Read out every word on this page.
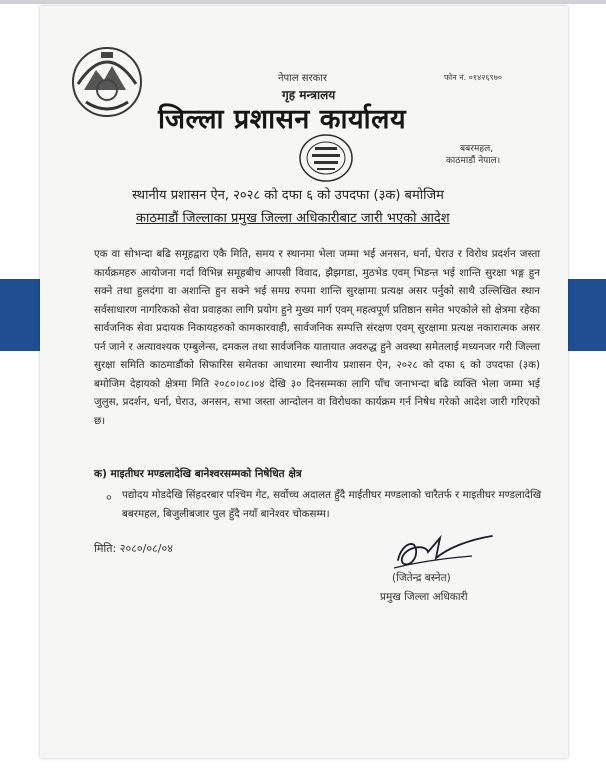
नेपाल सरकार
गृह मन्त्रालय
जिल्ला प्रशासन कार्यालय
फोन नं. ०१४२६९७०
बबरमहल,
काठमाडौं नेपाल।
स्थानीय प्रशासन ऐन, २०२८ को दफा ६ को उपदफा (३क) बमोजिम
काठमाडौं जिल्लाका प्रमुख जिल्ला अधिकारीबाट जारी भएको आदेश
एक वा सोभन्दा बढि समूहद्वारा एकै मिति, समय र स्थानमा भेला जम्मा भई अनसन, धर्ना, घेराउ र विरोध प्रदर्शन जस्ता कार्यक्रमहरु आयोजना गर्दा विभिन्न समूहबीच आपसी विवाद, झैझगडा, मुठभेड एवम् भिडन्त भई शान्ति सुरक्षा भङ्ग हुन सक्ने तथा हुलदंगा वा अशान्ति हुन सक्ने भई समग्र रुपमा शान्ति सुरक्षामा प्रत्यक्ष असर पर्नुको साथै उल्लिखित स्थान सर्वसाधारण नागरिकको सेवा प्रवाहका लागि प्रयोग हुने मुख्य मार्ग एवम् महत्वपूर्ण प्रतिष्ठान समेत भएकोले सो क्षेत्रमा रहेका सार्वजनिक सेवा प्रदायक निकायहरुको कामकारवाही, सार्वजनिक सम्पत्ति संरक्षण एवम् सुरक्षामा प्रत्यक्ष नकारात्मक असर पर्न जाने र अत्यावश्यक एम्बुलेन्स, दमकल तथा सार्वजनिक यातायात अवरुद्ध हुने अवस्था समेतलाई मध्यनजर गरी जिल्ला सुरक्षा समिति काठमाडौंको सिफारिस समेतका आधारमा स्थानीय प्रशासन ऐन, २०२८ को दफा ६ को उपदफा (३क) बमोजिम देहायको क्षेत्रमा मिति २०८०।०८।०४ देखि ३० दिनसम्मका लागि पाँच जनाभन्दा बढि व्यक्ति भेला जम्मा भई जुलुस, प्रदर्शन, धर्ना, घेराउ, अनसन, सभा जस्ता आन्दोलन वा विरोधका कार्यक्रम गर्न निषेध गरेको आदेश जारी गरिएको छ।
क) माइतीघर मण्डलादेखि बानेश्वरसम्मको निषेधित क्षेत्र
० पद्योदय मोडदेखि सिंहदरबार पश्चिम गेट, सर्वोच्च अदालत हुँदै माईतीघर मण्डलाको चारैतर्फ र माइतीघर मण्डलादेखि बबरमहल, बिजुलीबजार पुल हुँदै नयाँ बानेश्वर चोकसम्म।
मिति: २०८०/०८/०४
(जितेन्द्र बस्नेत)
प्रमुख जिल्ला अधिकारी
